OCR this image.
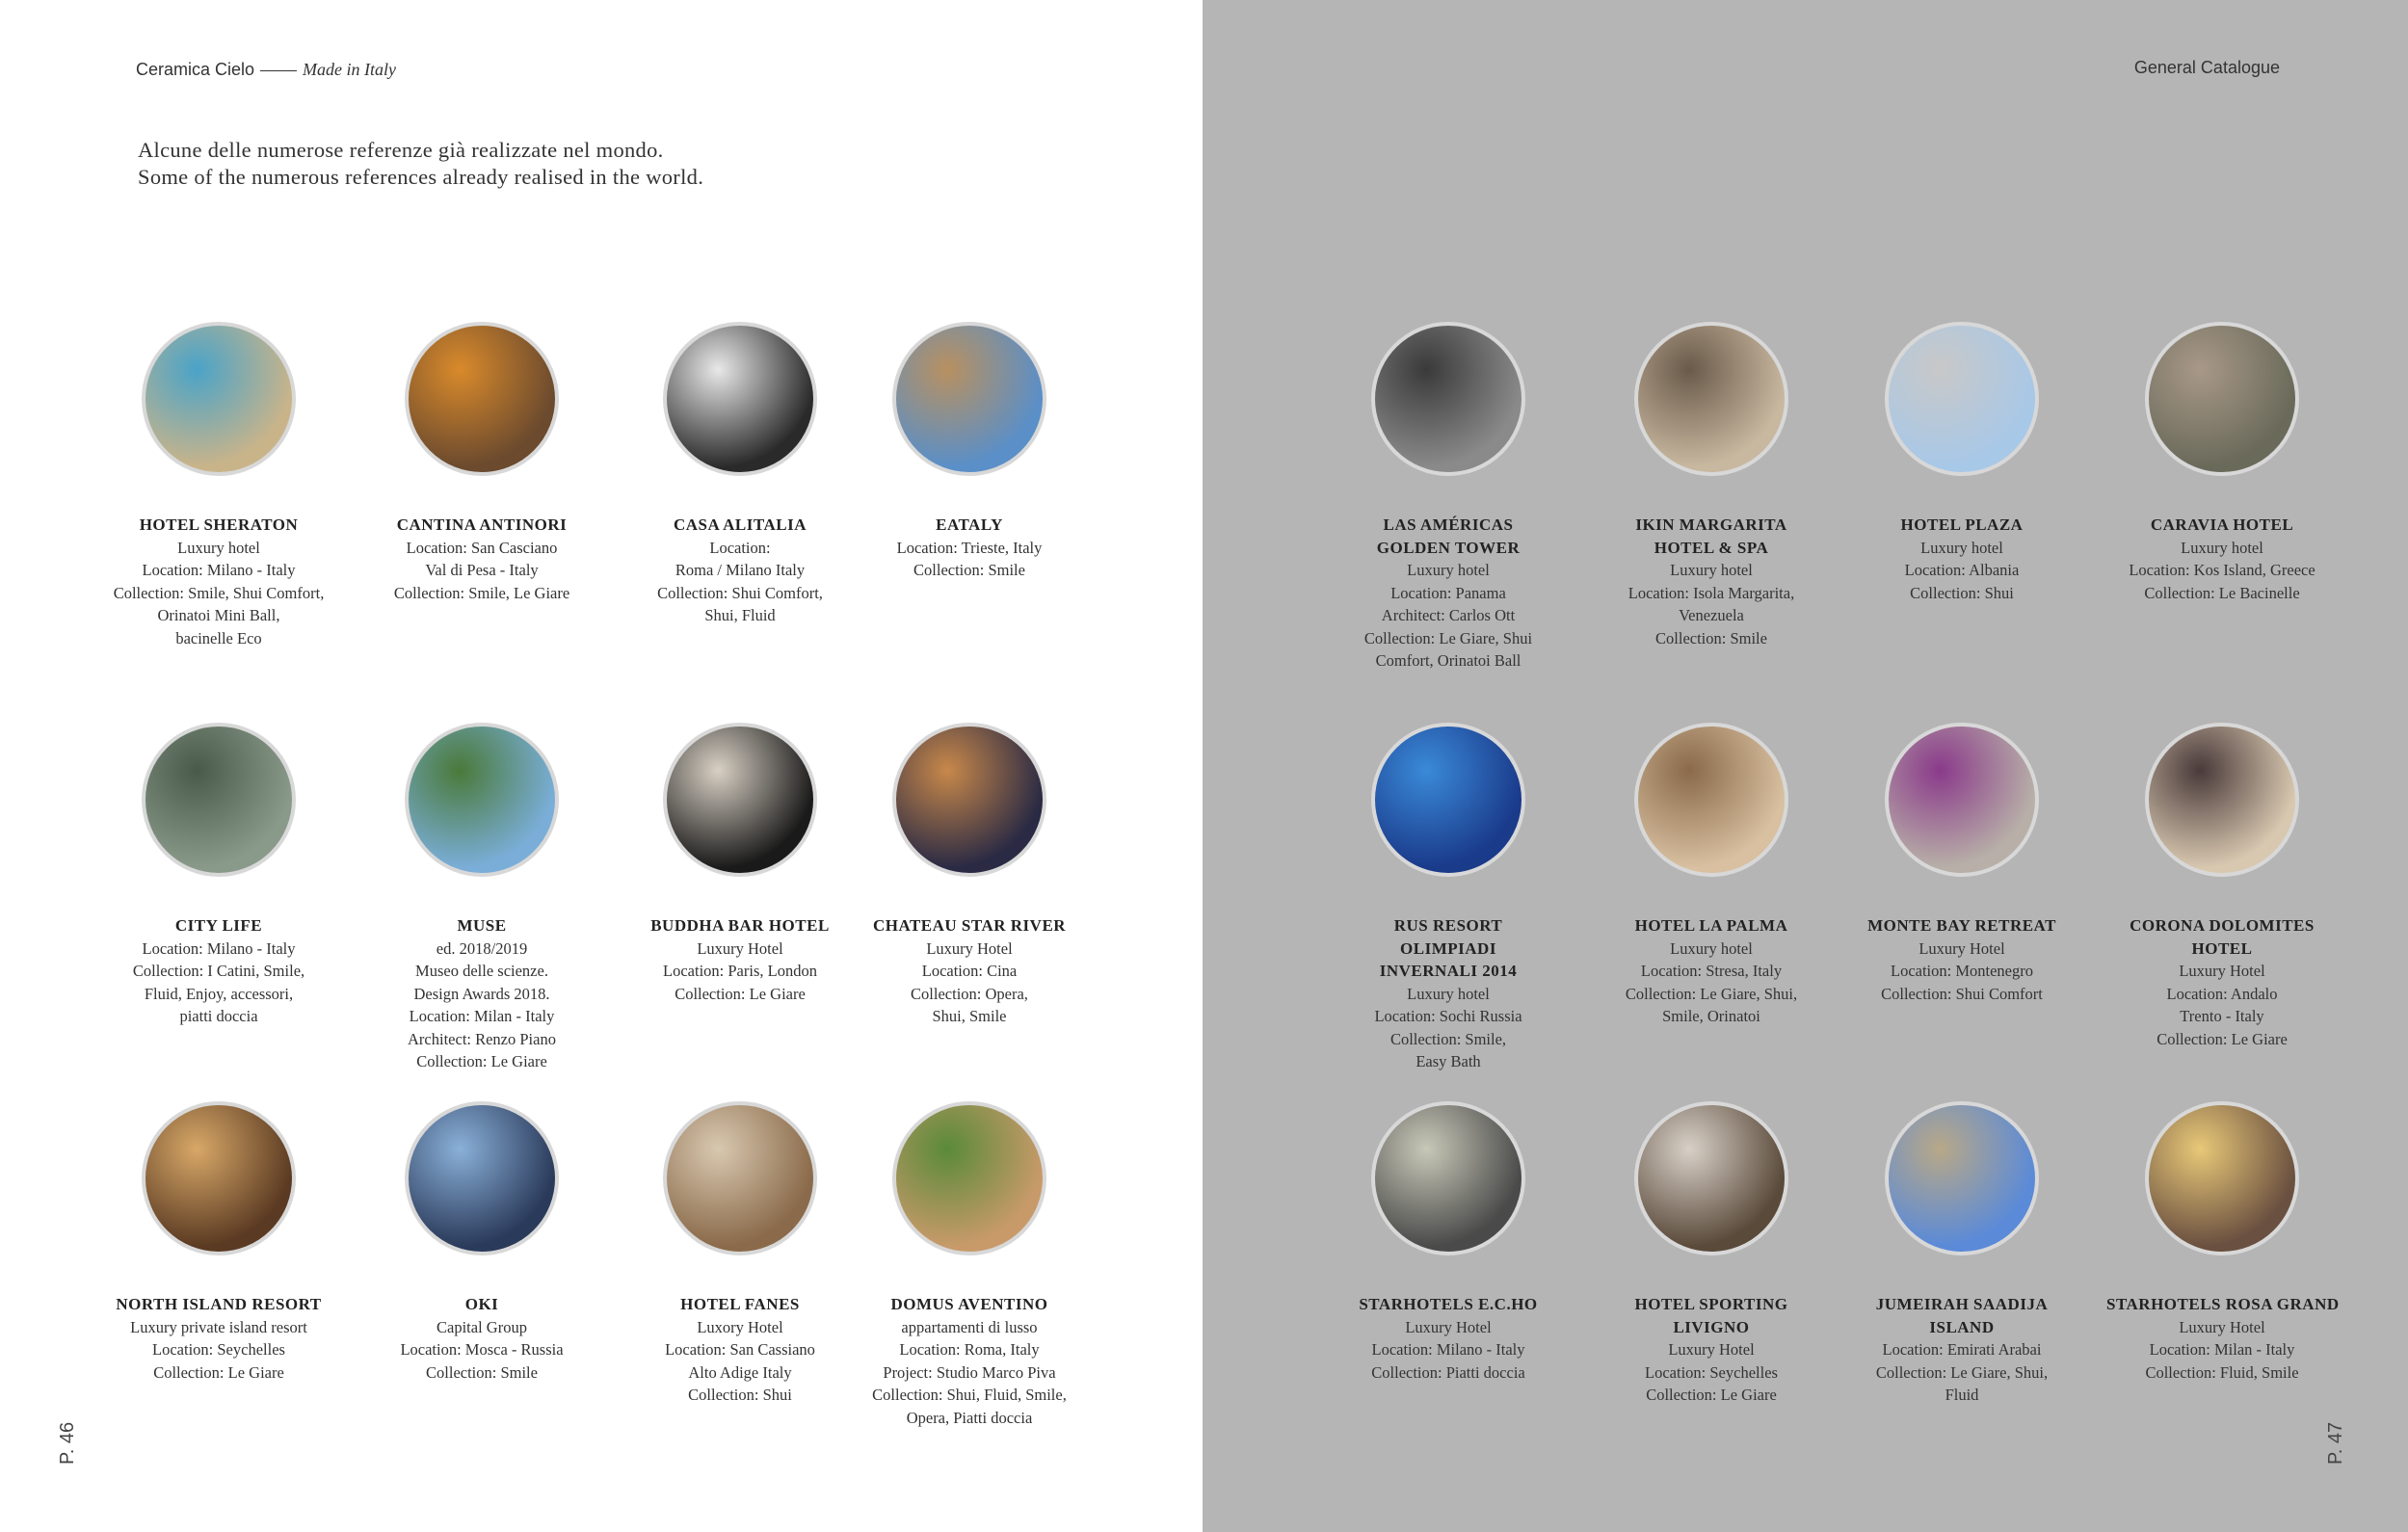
Ceramica Cielo	Made in Italy	General Catalogue
Alcune delle numerose referenze già realizzate nel mondo.
Some of the numerous references already realised in the world.
P. 46	P. 47
HOTEL SHERATON
Luxury hotel
Location: Milano - Italy
Collection: Smile, Shui Comfort,
Orinatoi Mini Ball,
bacinelle Eco
CANTINA ANTINORI
Location: San Casciano
Val di Pesa - Italy
Collection: Smile, Le Giare
CASA ALITALIA
Location:
Roma / Milano Italy
Collection: Shui Comfort,
Shui, Fluid
EATALY
Location: Trieste, Italy
Collection: Smile
CITY LIFE
Location: Milano - Italy
Collection: I Catini, Smile,
Fluid, Enjoy, accessori,
piatti doccia
MUSE
ed. 2018/2019
Museo delle scienze.
Design Awards 2018.
Location: Milan - Italy
Architect: Renzo Piano
Collection: Le Giare
BUDDHA BAR HOTEL
Luxury Hotel
Location: Paris, London
Collection: Le Giare
CHATEAU STAR RIVER
Luxury Hotel
Location: Cina
Collection: Opera,
Shui, Smile
NORTH ISLAND RESORT
Luxury private island resort
Location: Seychelles
Collection: Le Giare
OKI
Capital Group
Location: Mosca - Russia
Collection: Smile
HOTEL FANES
Luxory Hotel
Location: San Cassiano
Alto Adige Italy
Collection: Shui
DOMUS AVENTINO
appartamenti di lusso
Location: Roma, Italy
Project: Studio Marco Piva
Collection: Shui, Fluid, Smile,
Opera, Piatti doccia
LAS AMÉRICAS
GOLDEN TOWER
Luxury hotel
Location: Panama
Architect: Carlos Ott
Collection: Le Giare, Shui
Comfort, Orinatoi Ball
IKIN MARGARITA
HOTEL & SPA
Luxury hotel
Location: Isola Margarita,
Venezuela
Collection: Smile
HOTEL PLAZA
Luxury hotel
Location: Albania
Collection: Shui
CARAVIA HOTEL
Luxury hotel
Location: Kos Island, Greece
Collection: Le Bacinelle
RUS RESORT
OLIMPIADI
INVERNALI 2014
Luxury hotel
Location: Sochi Russia
Collection: Smile,
Easy Bath
HOTEL LA PALMA
Luxury hotel
Location: Stresa, Italy
Collection: Le Giare, Shui,
Smile, Orinatoi
MONTE BAY RETREAT
Luxury Hotel
Location: Montenegro
Collection: Shui Comfort
CORONA DOLOMITES
HOTEL
Luxury Hotel
Location: Andalo
Trento - Italy
Collection: Le Giare
STARHOTELS E.C.HO
Luxury Hotel
Location: Milano - Italy
Collection: Piatti doccia
HOTEL SPORTING
LIVIGNO
Luxury Hotel
Location: Seychelles
Collection: Le Giare
JUMEIRAH SAADIJA
ISLAND
Location: Emirati Arabai
Collection: Le Giare, Shui,
Fluid
STARHOTELS ROSA GRAND
Luxury Hotel
Location: Milan - Italy
Collection: Fluid, Smile
